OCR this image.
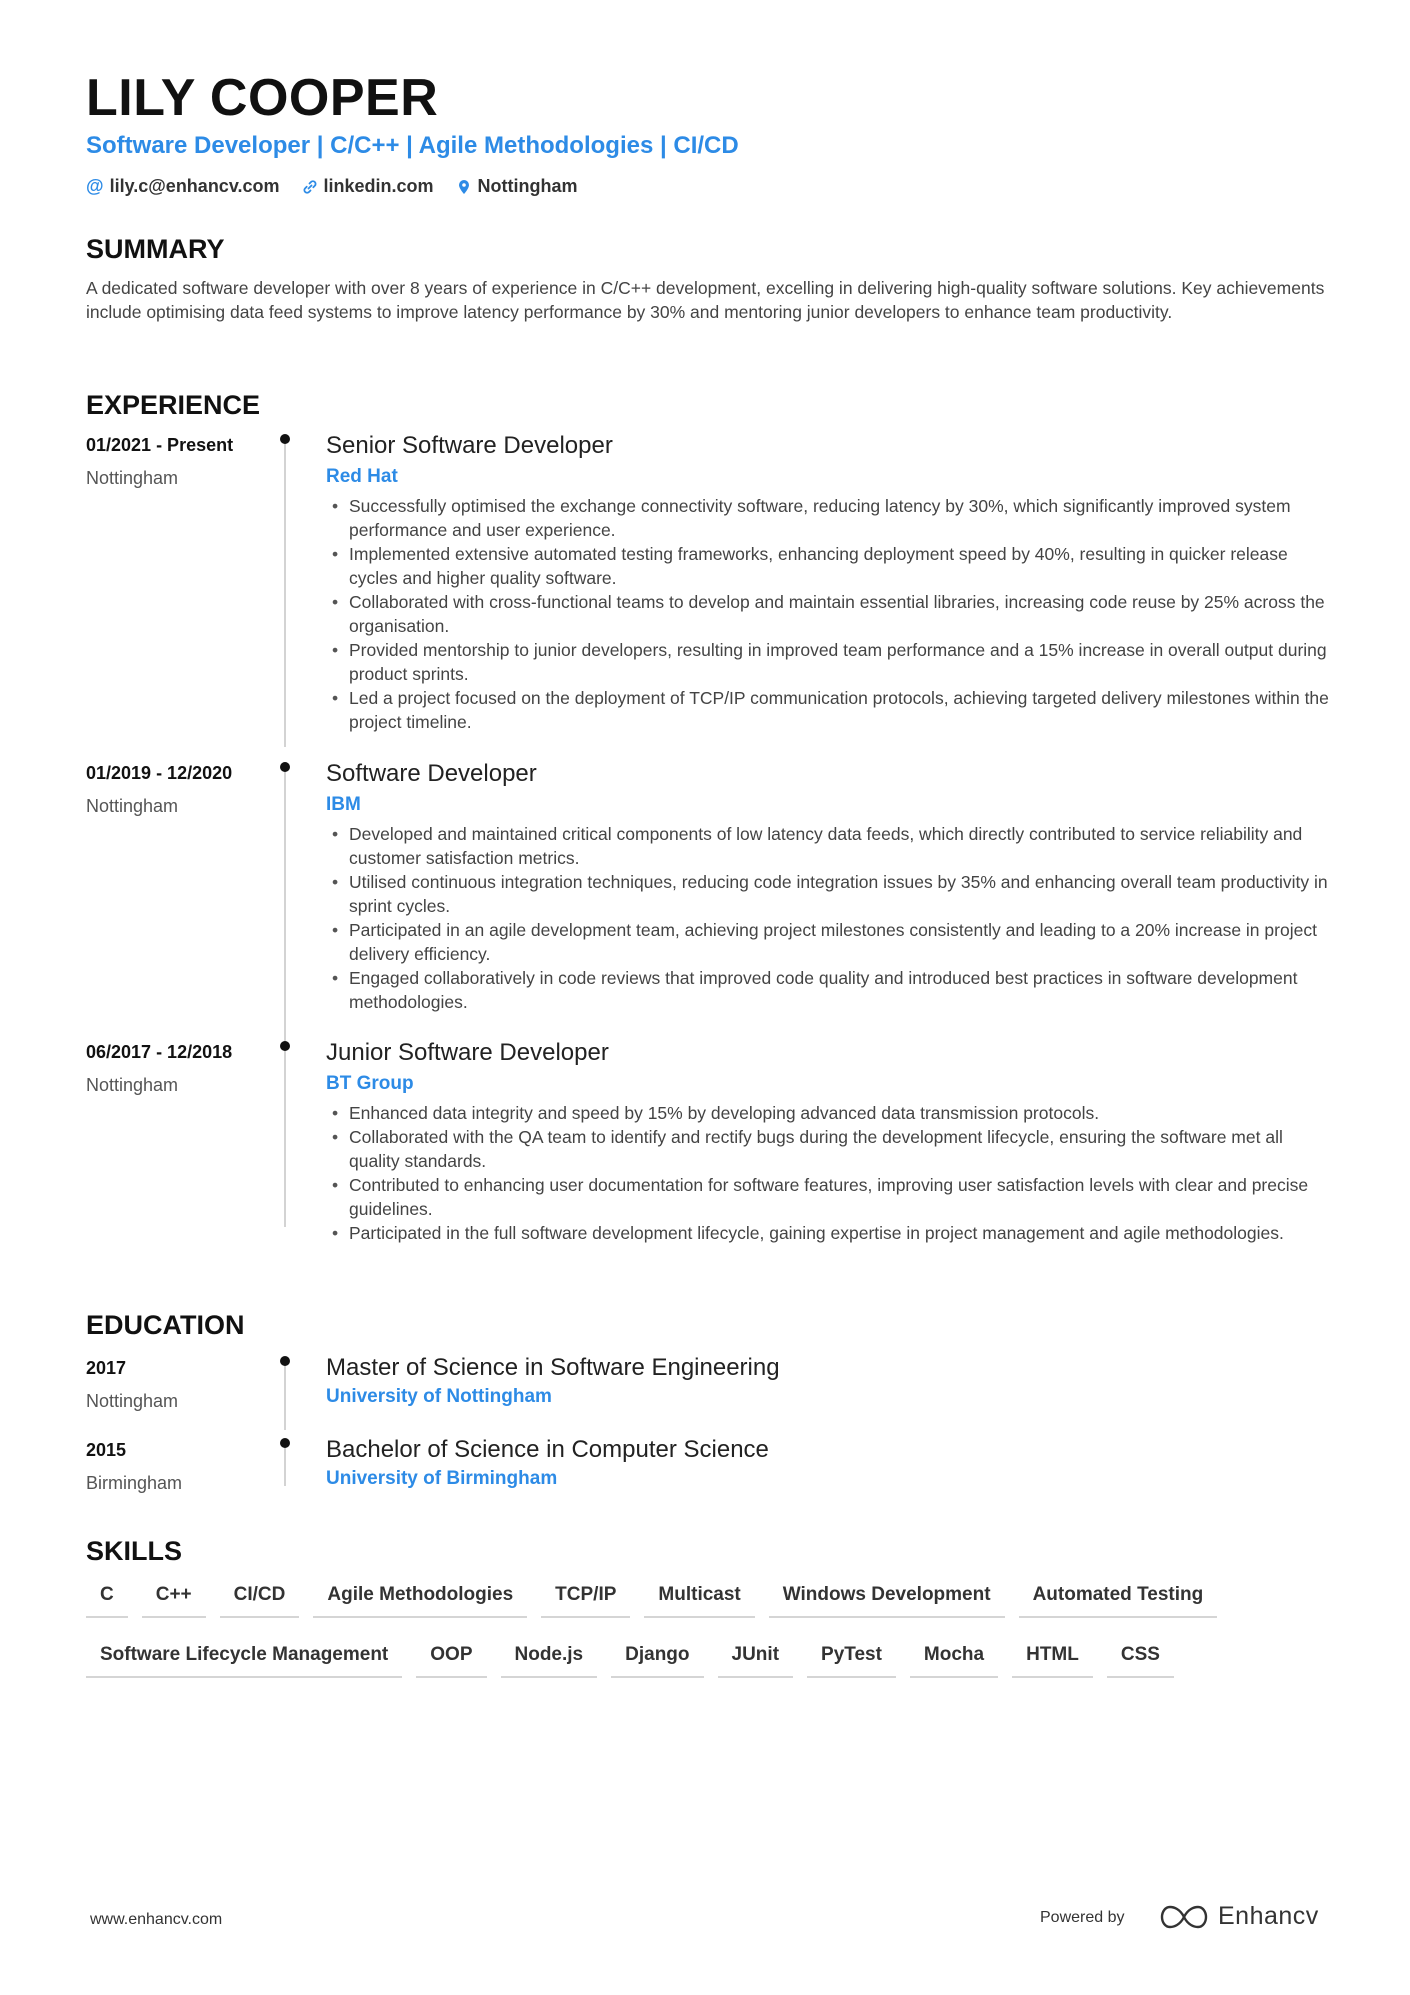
LILY COOPER
Software Developer | C/C++ | Agile Methodologies | CI/CD
@ lily.c@enhancv.com linkedin.com Nottingham
SUMMARY

A dedicated software developer with over 8 years of experience in C/C++ development, excelling in delivering high-quality software solutions. Key achievements include optimising data feed systems to improve latency performance by 30% and mentoring junior developers to enhance team productivity.

EXPERIENCE
01/2021 - Present
Nottingham
Senior Software Developer
Red Hat
• Successfully optimised the exchange connectivity software, reducing latency by 30%, which significantly improved system performance and user experience.
• Implemented extensive automated testing frameworks, enhancing deployment speed by 40%, resulting in quicker release cycles and higher quality software.
• Collaborated with cross-functional teams to develop and maintain essential libraries, increasing code reuse by 25% across the organisation.
• Provided mentorship to junior developers, resulting in improved team performance and a 15% increase in overall output during product sprints.
• Led a project focused on the deployment of TCP/IP communication protocols, achieving targeted delivery milestones within the project timeline.
01/2019 - 12/2020
Nottingham
Software Developer
IBM
• Developed and maintained critical components of low latency data feeds, which directly contributed to service reliability and customer satisfaction metrics.
• Utilised continuous integration techniques, reducing code integration issues by 35% and enhancing overall team productivity in sprint cycles.
• Participated in an agile development team, achieving project milestones consistently and leading to a 20% increase in project delivery efficiency.
• Engaged collaboratively in code reviews that improved code quality and introduced best practices in software development methodologies.
06/2017 - 12/2018
Nottingham
Junior Software Developer
BT Group
• Enhanced data integrity and speed by 15% by developing advanced data transmission protocols.
• Collaborated with the QA team to identify and rectify bugs during the development lifecycle, ensuring the software met all quality standards.
• Contributed to enhancing user documentation for software features, improving user satisfaction levels with clear and precise guidelines.
• Participated in the full software development lifecycle, gaining expertise in project management and agile methodologies.
EDUCATION
2017
Nottingham
Master of Science in Software Engineering
University of Nottingham
2015
Birmingham
Bachelor of Science in Computer Science
University of Birmingham
SKILLS
C	C++	CI/CD	Agile Methodologies	TCP/IP	Multicast	Windows Development	Automated Testing
Software Lifecycle Management	OOP	Node.js	Django	JUnit	PyTest	Mocha	HTML	CSS
www.enhancv.com	Powered by	Enhancv
